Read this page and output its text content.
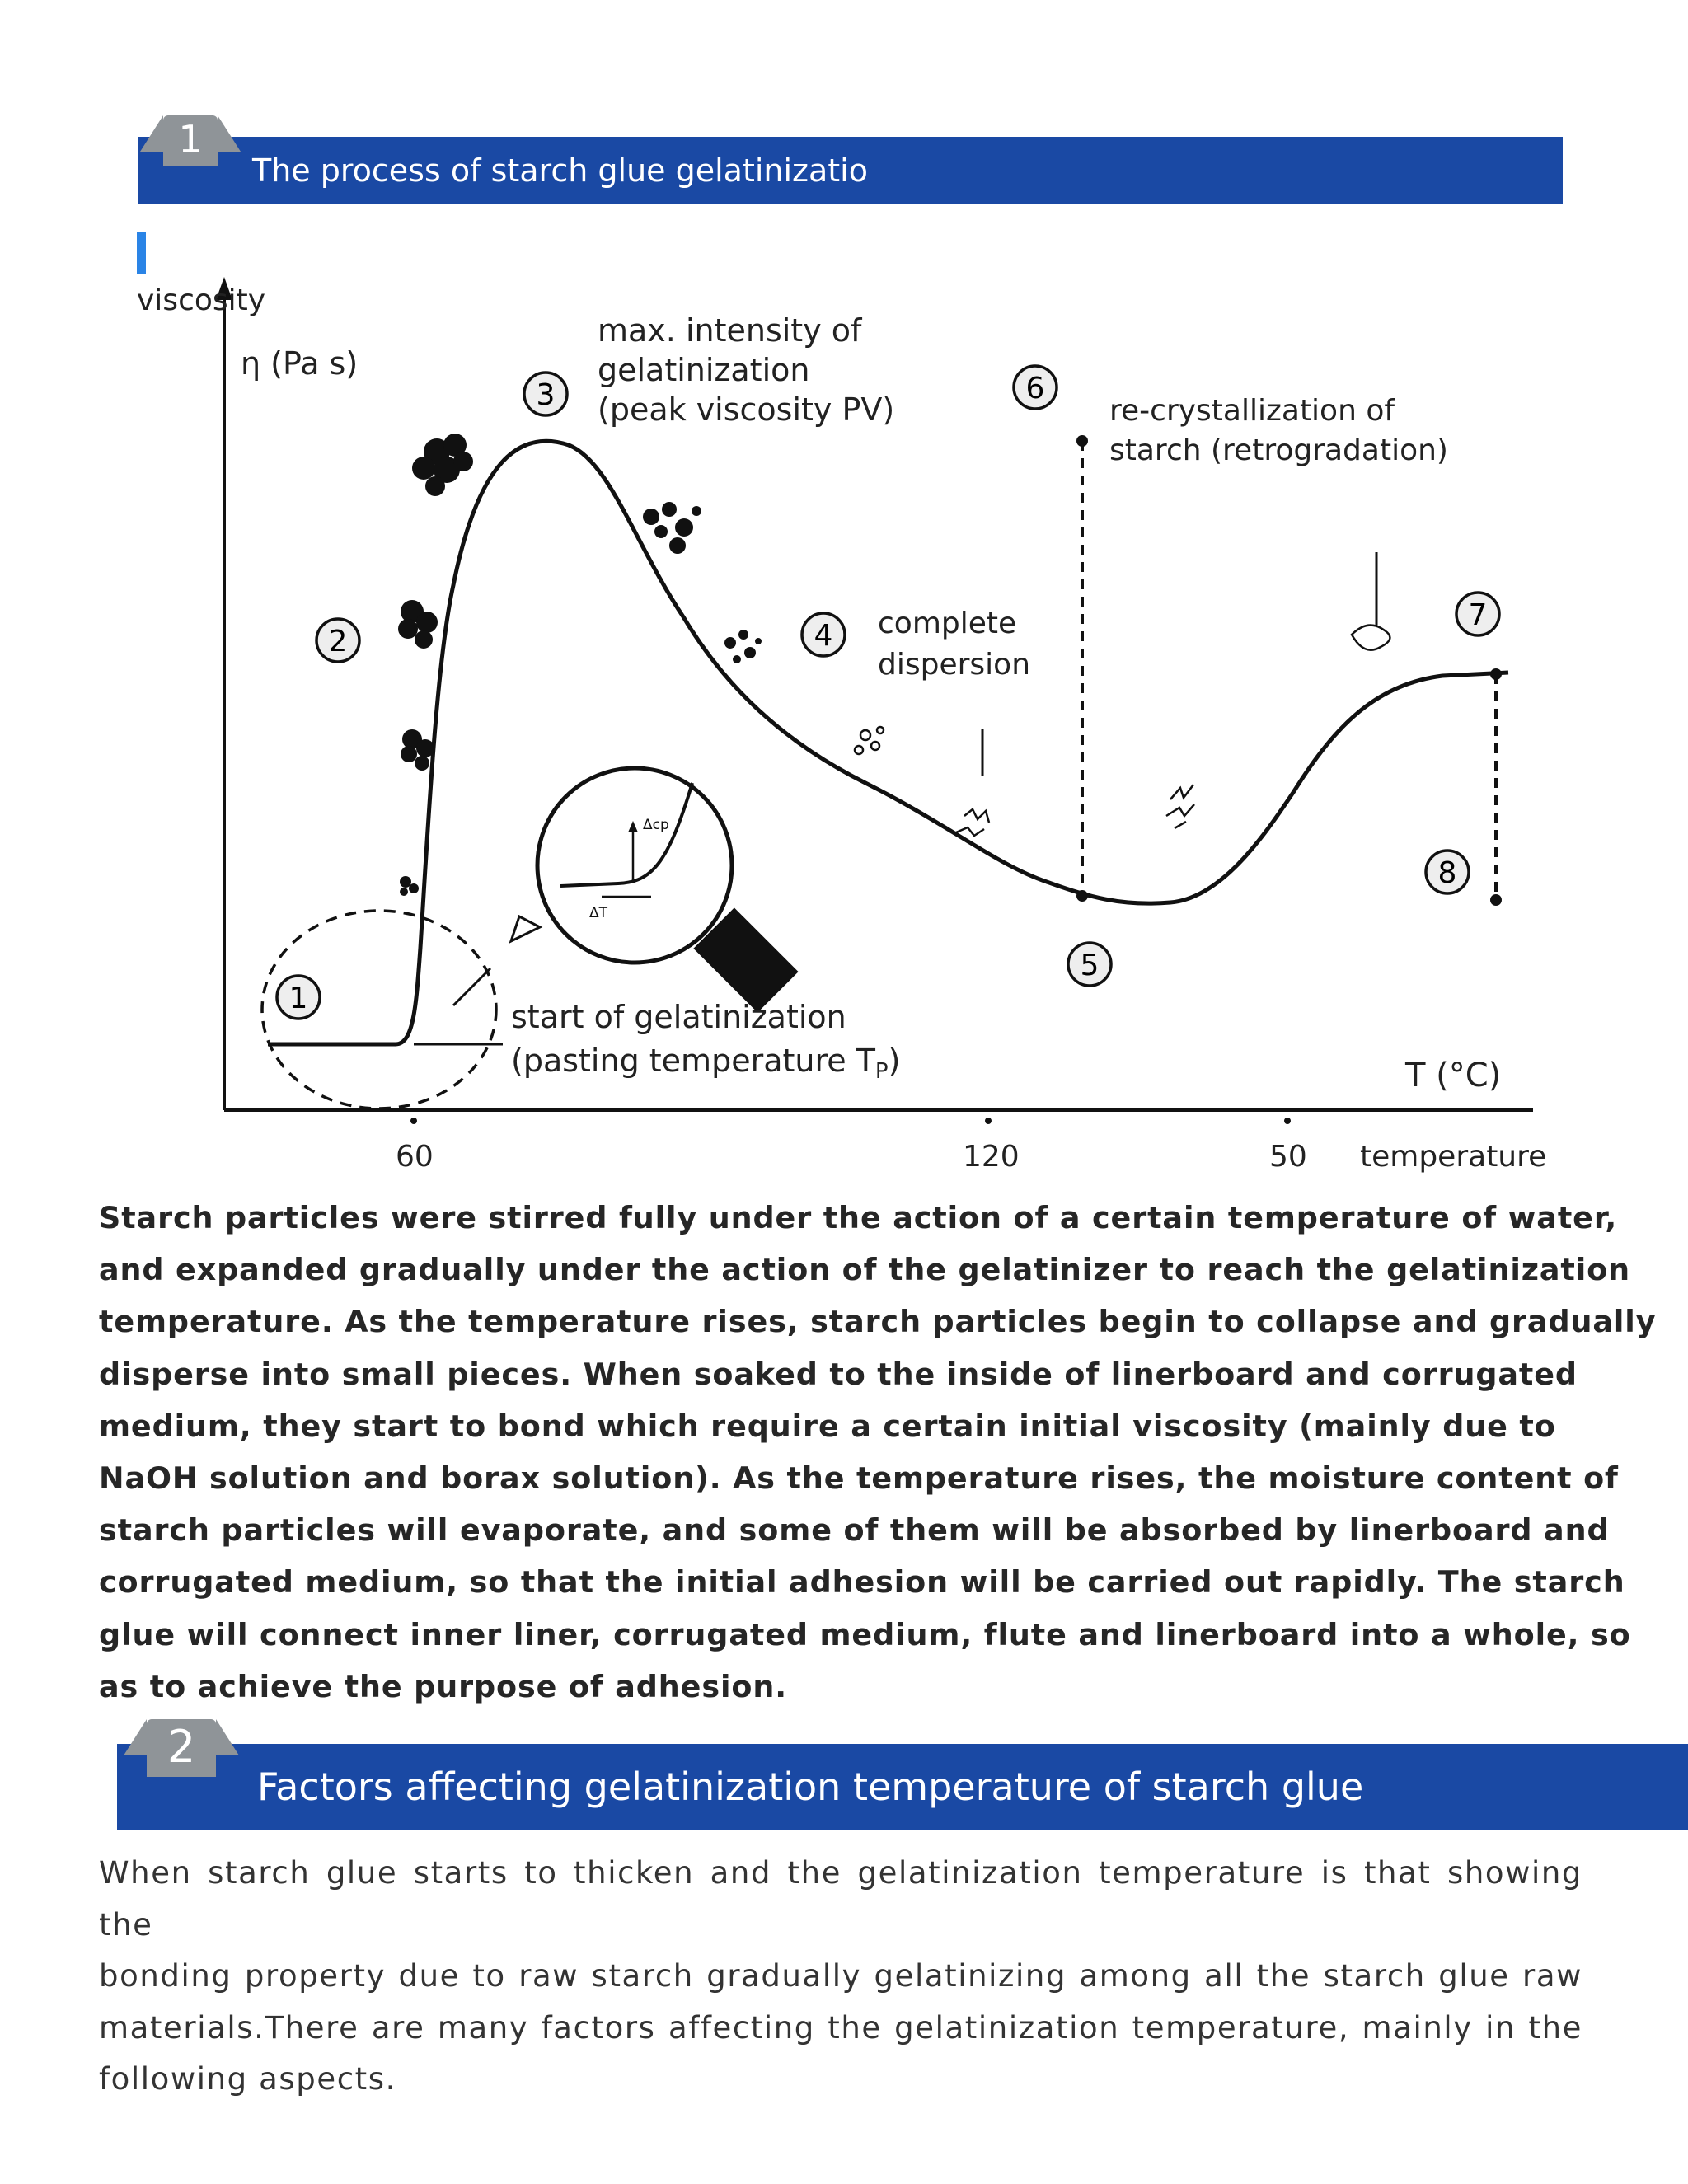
The process of starch glue gelatinizatio
1
viscosity
η (Pa s)
T (°C)
60	120	50 temperature
Δcp
ΔT
1
2
3
4
5
6
7
8
max. intensity of
gelatinization
(peak viscosity PV)
complete
dispersion
re-crystallization of
starch (retrogradation)
start of gelatinization
(pasting temperature $T_P$)
Starch particles were stirred fully under the action of a certain temperature of water,
and expanded gradually under the action of the gelatinizer to reach the gelatinization
temperature. As the temperature rises, starch particles begin to collapse and gradually
disperse into small pieces. When soaked to the inside of linerboard and corrugated
medium, they start to bond which require a certain initial viscosity (mainly due to
NaOH solution and borax solution). As the temperature rises, the moisture content of
starch particles will evaporate, and some of them will be absorbed by linerboard and
corrugated medium, so that the initial adhesion will be carried out rapidly. The starch
glue will connect inner liner, corrugated medium, flute and linerboard into a whole, so
as to achieve the purpose of adhesion.
Factors affecting gelatinization temperature of starch glue
2
When starch glue starts to thicken and the gelatinization temperature is that showing the
bonding property due to raw starch gradually gelatinizing among all the starch glue raw
materials.There are many factors affecting the gelatinization temperature, mainly in the
following aspects.
